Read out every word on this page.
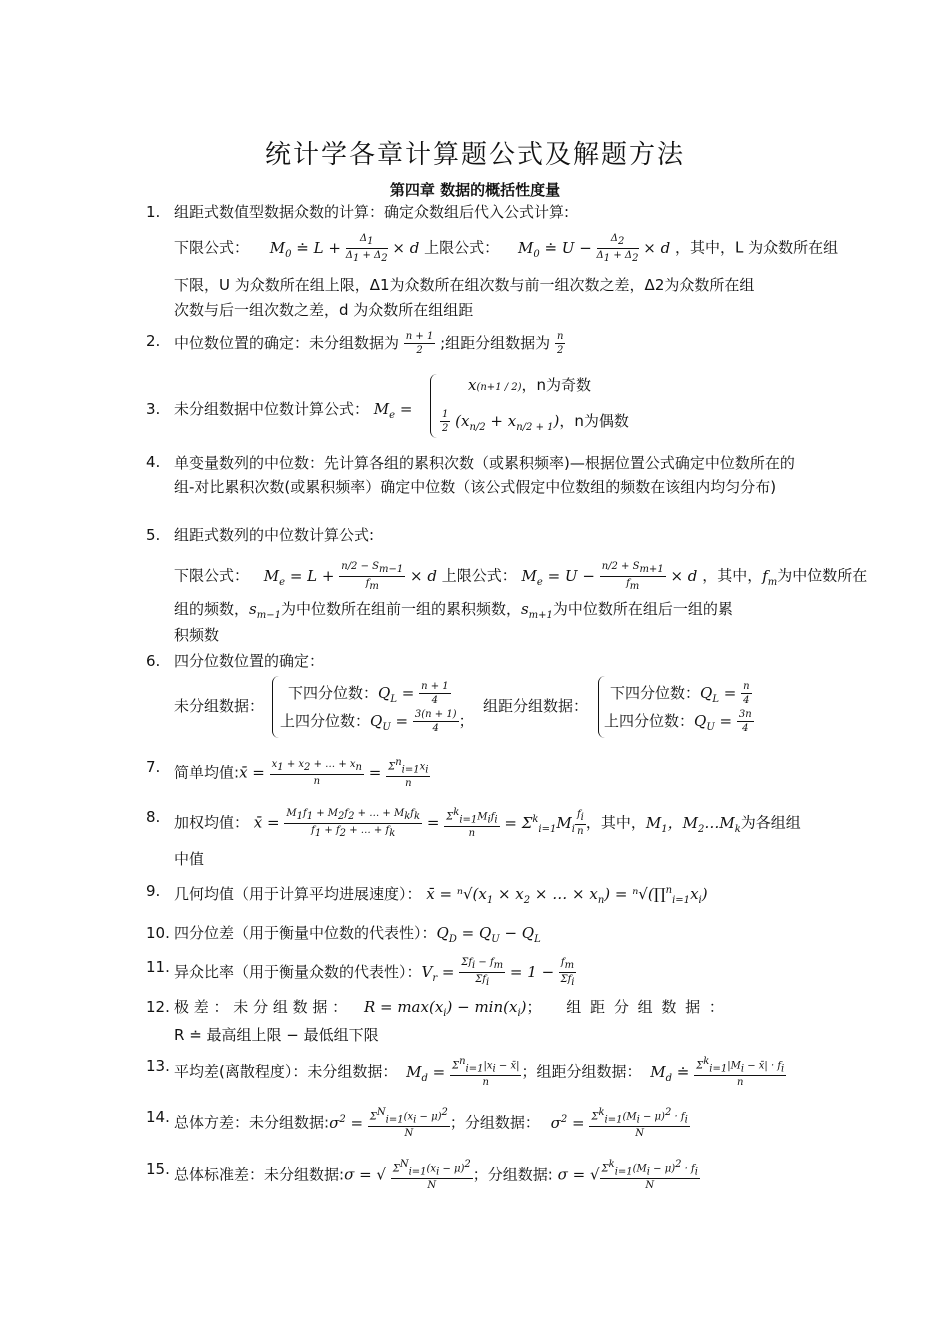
统计学各章计算题公式及解题方法
第四章 数据的概括性度量
1. 组距式数值型数据众数的计算：确定众数组后代入公式计算:
下限公式： $M_0$ ≐ $L + \frac{\Delta_1}{\Delta_1 + \Delta_2} \times d$ 上限公式： $M_0$ ≐ $U - \frac{\Delta_2}{\Delta_1 + \Delta_2} \times d$ ，其中，L 为众数所在组
下限，U 为众数所在组上限，Δ1为众数所在组次数与前一组次数之差，Δ2为众数所在组
次数与后一组次数之差，d 为众数所在组组距
2. 中位数位置的确定：未分组数据为 $\frac{n + 1}{2}$ ;组距分组数据为 $\frac{n}{2}$
3. 未分组数据中位数计算公式： $M_e$ =
x(n+1 / 2)，n为奇数
$\frac{1}{2} (x_{n/2} + x_{n/2 + 1})$，n为偶数
4. 单变量数列的中位数：先计算各组的累积次数（或累积频率)—根据位置公式确定中位数所在的组-对比累积次数(或累积频率）确定中位数（该公式假定中位数组的频数在该组内均匀分布)
5. 组距式数列的中位数计算公式:
下限公式： $M_e = L + \frac{n/2 - S_{m-1}}{f_m} \times d$ 上限公式： $M_e = U - \frac{n/2 + S_{m+1}}{f_m} \times d$ ，其中，$f_m$为中位数所在
组的频数，$s_{m-1}$为中位数所在组前一组的累积频数，$s_{m+1}$为中位数所在组后一组的累
积频数
6. 四分位数位置的确定：
未分组数据：
下四分位数：$Q_L = \frac{n + 1}{4}$
上四分位数：$Q_U = \frac{3(n + 1)}{4}$ ；
组距分组数据：
下四分位数：$Q_L = \frac{n}{4}$
上四分位数：$Q_U = \frac{3n}{4}$
7. 简单均值:x̄ = $\frac{x_1 + x_2 + \dots + x_n}{n} = \frac{\Sigma^n_{i=1}x_i}{n}$
8. 加权均值： x̄ = $\frac{M_1f_1 + M_2f_2 + \dots + M_kf_k}{f_1 + f_2 + \dots + f_k} = \frac{\Sigma^k_{i=1}M_if_i}{n} = \Sigma^k_{i=1}M_i \frac{f_i}{n}$ ，其中，$M_1$，$M_2\dots M_k$为各组组
中值
9. 几何均值（用于计算平均进展速度）： x̄ = $^n√(x_1 \times x_2$ × … × $x_n$) = $^n√(\prod^n_{i=1}x_i)$
10. 四分位差（用于衡量中位数的代表性）：$Q_D = Q_U - Q_L$
11. 异众比率（用于衡量众数的代表性）：$V_r = \frac{\Sigma f_i - f_m}{\Sigma f_i} = 1 - \frac{f_m}{\Sigma f_i}$
12. 极 差 ： 未 分 组 数 据 ： $R = \max(x_i) - \min(x_i)$； 组 距 分 组 数 据 ：
R ≐ 最高组上限 − 最低组下限
13. 平均差(离散程度）：未分组数据： $M_d = \frac{\Sigma^n_{i=1}|x_i - x̄|}{n}$ ；组距分组数据： $M_d$ ≐ $\frac{\Sigma^k_{i=1}|M_i - x̄| \cdot f_i}{n}$
14. 总体方差：未分组数据$:\sigma^2 = \frac{\Sigma^N_{i=1}(x_i - \mu)^2}{N}$ ；分组数据： $\sigma^2 = \frac{\Sigma^k_{i=1}(M_i - \mu)^2 \cdot f_i}{N}$
15. 总体标准差：未分组数据:σ = √ $\frac{\Sigma^N_{i=1}(x_i - \mu)^2}{N}$ ；分组数据: σ = √ $\frac{\Sigma^k_{i=1}(M_i - \mu)^2 \cdot f_i}{N}$
